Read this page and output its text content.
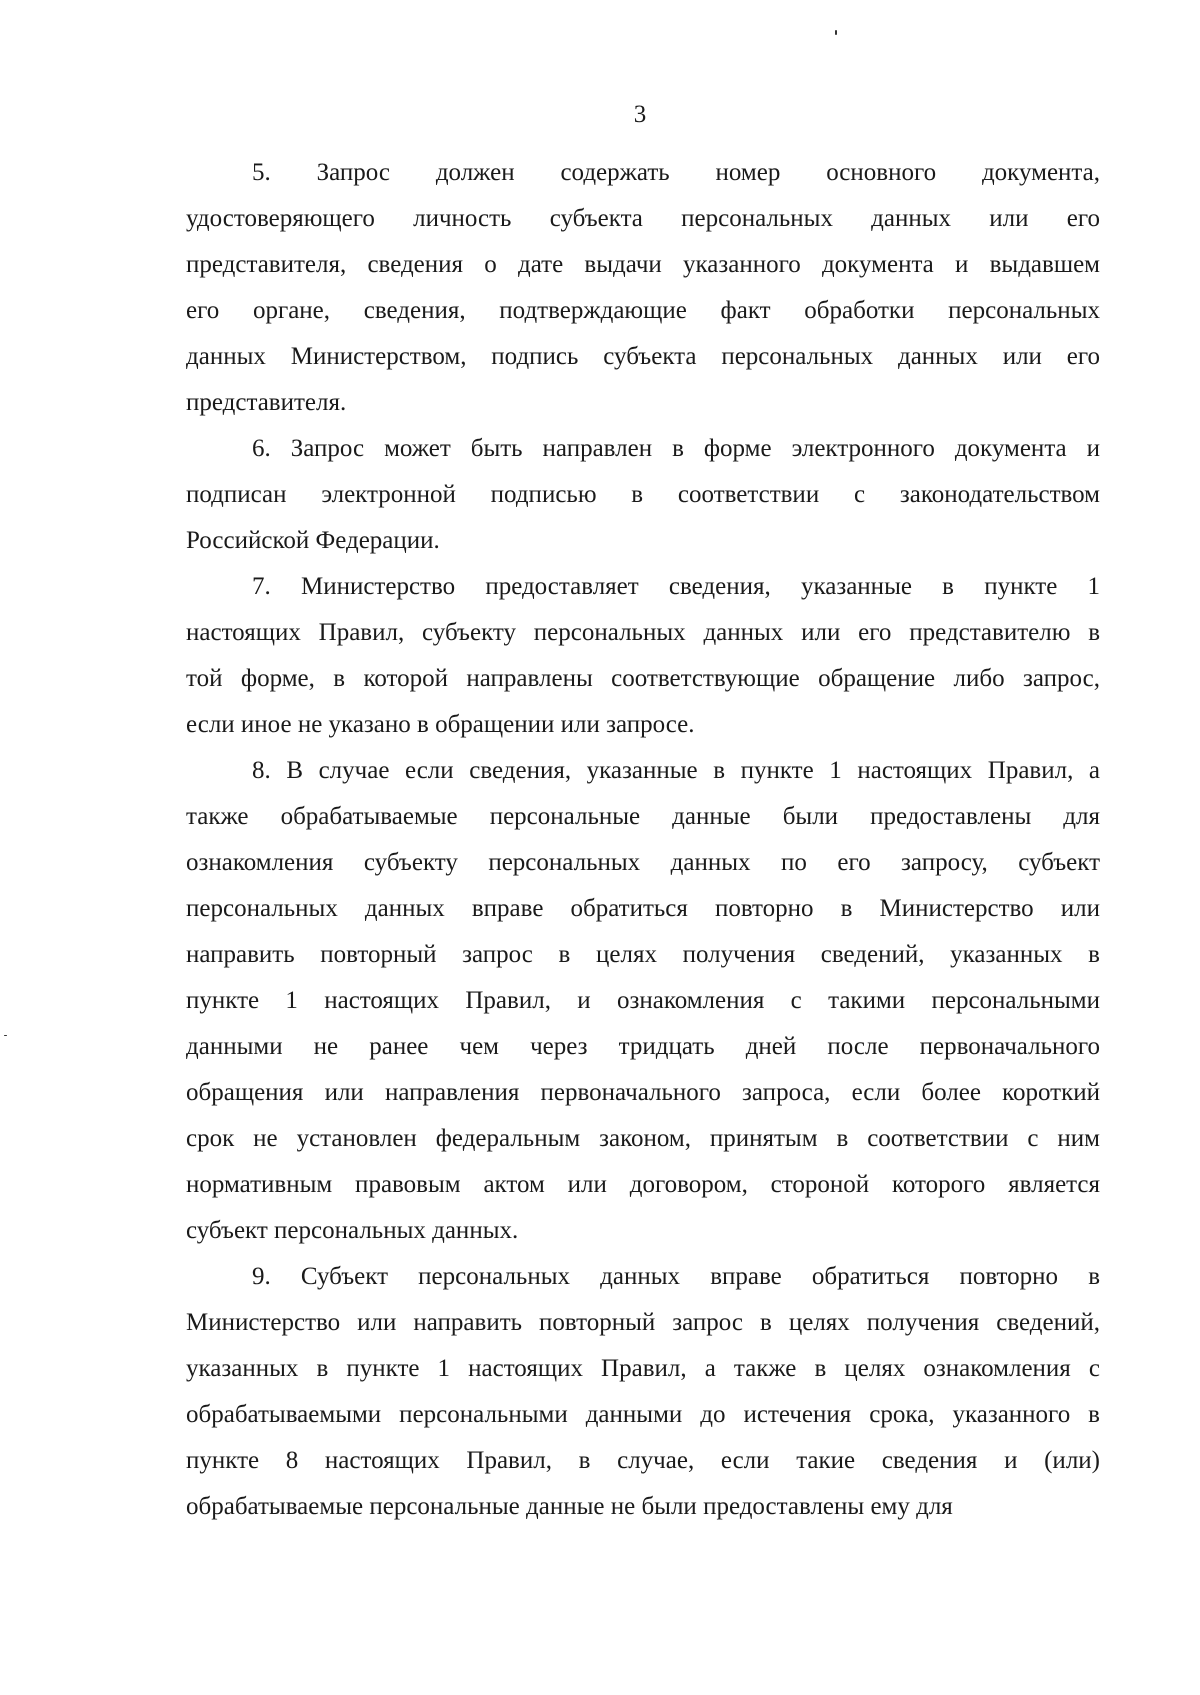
3
5. Запрос должен содержать номер основного документа,
удостоверяющего личность субъекта персональных данных или его
представителя, сведения о дате выдачи указанного документа и выдавшем
его органе, сведения, подтверждающие факт обработки персональных
данных Министерством, подпись субъекта персональных данных или его
представителя.
6. Запрос может быть направлен в форме электронного документа и
подписан электронной подписью в соответствии с законодательством
Российской Федерации.
7. Министерство предоставляет сведения, указанные в пункте 1
настоящих Правил, субъекту персональных данных или его представителю в
той форме, в которой направлены соответствующие обращение либо запрос,
если иное не указано в обращении или запросе.
8. В случае если сведения, указанные в пункте 1 настоящих Правил, а
также обрабатываемые персональные данные были предоставлены для
ознакомления субъекту персональных данных по его запросу, субъект
персональных данных вправе обратиться повторно в Министерство или
направить повторный запрос в целях получения сведений, указанных в
пункте 1 настоящих Правил, и ознакомления с такими персональными
данными не ранее чем через тридцать дней после первоначального
обращения или направления первоначального запроса, если более короткий
срок не установлен федеральным законом, принятым в соответствии с ним
нормативным правовым актом или договором, стороной которого является
субъект персональных данных.
9. Субъект персональных данных вправе обратиться повторно в
Министерство или направить повторный запрос в целях получения сведений,
указанных в пункте 1 настоящих Правил, а также в целях ознакомления с
обрабатываемыми персональными данными до истечения срока, указанного в
пункте 8 настоящих Правил, в случае, если такие сведения и (или)
обрабатываемые персональные данные не были предоставлены ему для
